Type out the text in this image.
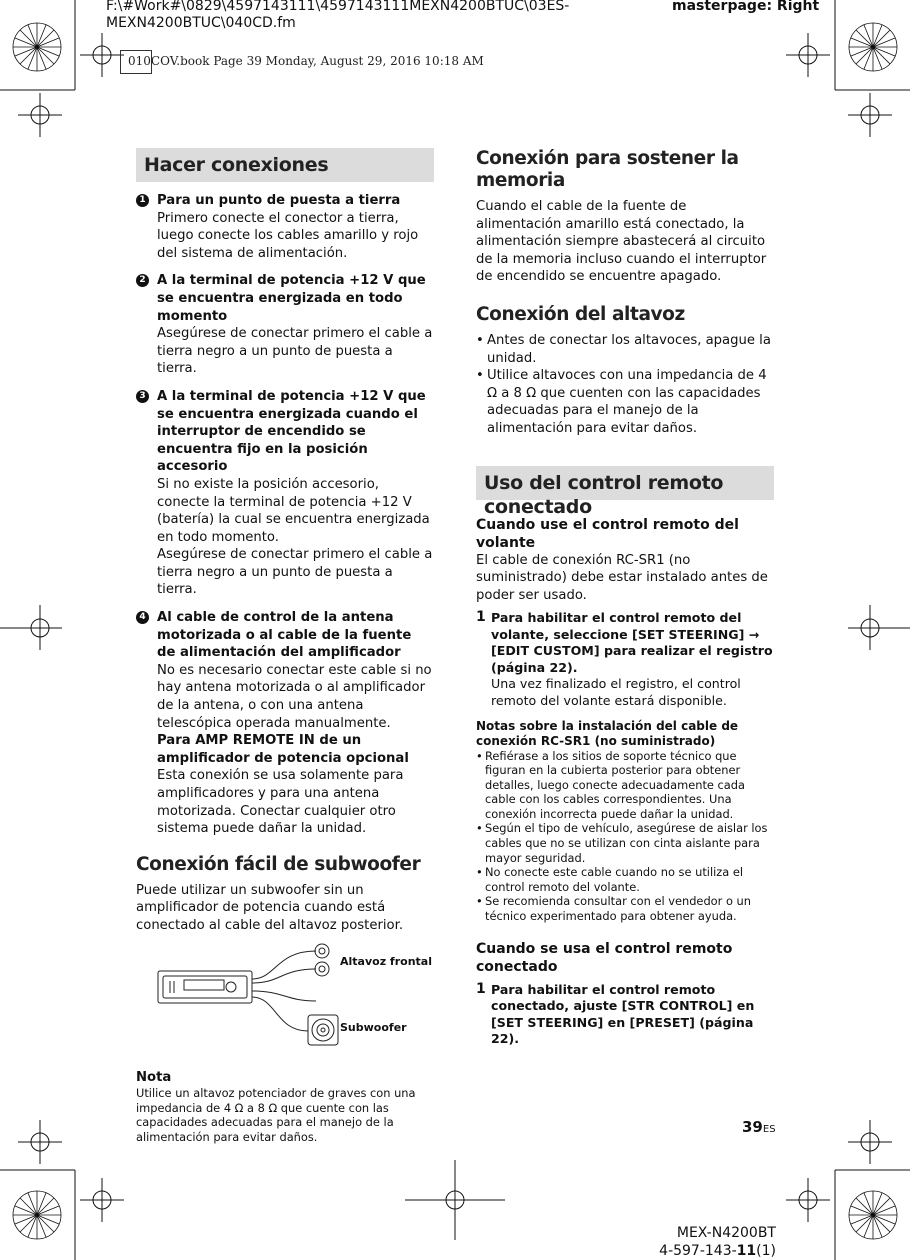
F:\#Work#\0829\4597143111\4597143111MEXN4200BTUC\03ES-
MEXN4200BTUC\040CD.fm
masterpage: Right
010COV.book Page 39 Monday, August 29, 2016 10:18 AM
Hacer conexiones
1 Para un punto de puesta a tierra

Primero conecte el conector a tierra, luego conecte los cables amarillo y rojo del sistema de alimentación.

2 A la terminal de potencia +12 V que se encuentra energizada en todo momento

Asegúrese de conectar primero el cable a tierra negro a un punto de puesta a tierra.

3 A la terminal de potencia +12 V que se encuentra energizada cuando el interruptor de encendido se encuentra fijo en la posición accesorio

Si no existe la posición accesorio, conecte la terminal de potencia +12 V (batería) la cual se encuentra energizada en todo momento.

Asegúrese de conectar primero el cable a tierra negro a un punto de puesta a tierra.

4 Al cable de control de la antena motorizada o al cable de la fuente de alimentación del amplificador

No es necesario conectar este cable si no hay antena motorizada o al amplificador de la antena, o con una antena telescópica operada manualmente.

Para AMP REMOTE IN de un amplificador de potencia opcional

Esta conexión se usa solamente para amplificadores y para una antena motorizada. Conectar cualquier otro sistema puede dañar la unidad.

Conexión fácil de subwoofer

Puede utilizar un subwoofer sin un amplificador de potencia cuando está conectado al cable del altavoz posterior.

Altavoz frontal
Subwoofer

Nota

Utilice un altavoz potenciador de graves con una impedancia de 4 Ω a 8 Ω que cuente con las capacidades adecuadas para el manejo de la alimentación para evitar daños.

Conexión para sostener la memoria

Cuando el cable de la fuente de alimentación amarillo está conectado, la alimentación siempre abastecerá al circuito de la memoria incluso cuando el interruptor de encendido se encuentre apagado.

Conexión del altavoz

• Antes de conectar los altavoces, apague la unidad.

• Utilice altavoces con una impedancia de 4 Ω a 8 Ω que cuenten con las capacidades adecuadas para el manejo de la alimentación para evitar daños.

Uso del control remoto conectado

Cuando use el control remoto del volante

El cable de conexión RC-SR1 (no suministrado) debe estar instalado antes de poder ser usado.

1 Para habilitar el control remoto del volante, seleccione [SET STEERING] → [EDIT CUSTOM] para realizar el registro (página 22).

Una vez finalizado el registro, el control remoto del volante estará disponible.

Notas sobre la instalación del cable de conexión RC-SR1 (no suministrado)

• Refiérase a los sitios de soporte técnico que figuran en la cubierta posterior para obtener detalles, luego conecte adecuadamente cada cable con los cables correspondientes. Una conexión incorrecta puede dañar la unidad.

• Según el tipo de vehículo, asegúrese de aislar los cables que no se utilizan con cinta aislante para mayor seguridad.

• No conecte este cable cuando no se utiliza el control remoto del volante.

• Se recomienda consultar con el vendedor o un técnico experimentado para obtener ayuda.

Cuando se usa el control remoto conectado

1 Para habilitar el control remoto conectado, ajuste [STR CONTROL] en [SET STEERING] en [PRESET] (página 22).

39ES
MEX-N4200BT
4-597-143-11(1)
